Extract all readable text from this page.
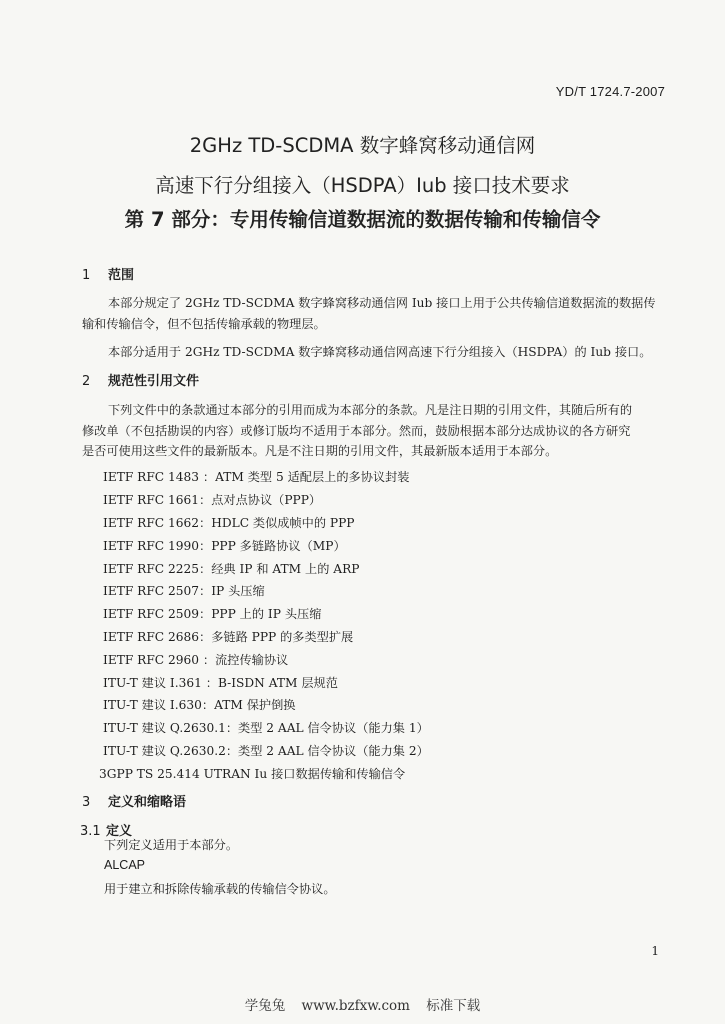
YD/T 1724.7-2007
2GHz TD-SCDMA 数字蜂窝移动通信网
高速下行分组接入（HSDPA）Iub 接口技术要求
第 7 部分：专用传输信道数据流的数据传输和传输信令
1 范围
本部分规定了 2GHz TD-SCDMA 数字蜂窝移动通信网 Iub 接口上用于公共传输信道数据流的数据传
输和传输信令，但不包括传输承载的物理层。
本部分适用于 2GHz TD-SCDMA 数字蜂窝移动通信网高速下行分组接入（HSDPA）的 Iub 接口。
2 规范性引用文件
下列文件中的条款通过本部分的引用而成为本部分的条款。凡是注日期的引用文件，其随后所有的
修改单（不包括勘误的内容）或修订版均不适用于本部分。然而，鼓励根据本部分达成协议的各方研究
是否可使用这些文件的最新版本。凡是不注日期的引用文件，其最新版本适用于本部分。
IETF RFC 1483 ：ATM 类型 5 适配层上的多协议封装
IETF RFC 1661：点对点协议（PPP）
IETF RFC 1662：HDLC 类似成帧中的 PPP
IETF RFC 1990：PPP 多链路协议（MP）
IETF RFC 2225：经典 IP 和 ATM 上的 ARP
IETF RFC 2507：IP 头压缩
IETF RFC 2509：PPP 上的 IP 头压缩
IETF RFC 2686：多链路 PPP 的多类型扩展
IETF RFC 2960 ：流控传输协议
ITU-T 建议 I.361 ：B-ISDN ATM 层规范
ITU-T 建议 I.630：ATM 保护倒换
ITU-T 建议 Q.2630.1：类型 2 AAL 信令协议（能力集 1）
ITU-T 建议 Q.2630.2：类型 2 AAL 信令协议（能力集 2）
3GPP TS 25.414 UTRAN Iu 接口数据传输和传输信令
3 定义和缩略语
3.1 定义
下列定义适用于本部分。
ALCAP
用于建立和拆除传输承载的传输信令协议。
1
学兔兔 www.bzfxw.com 标准下载
